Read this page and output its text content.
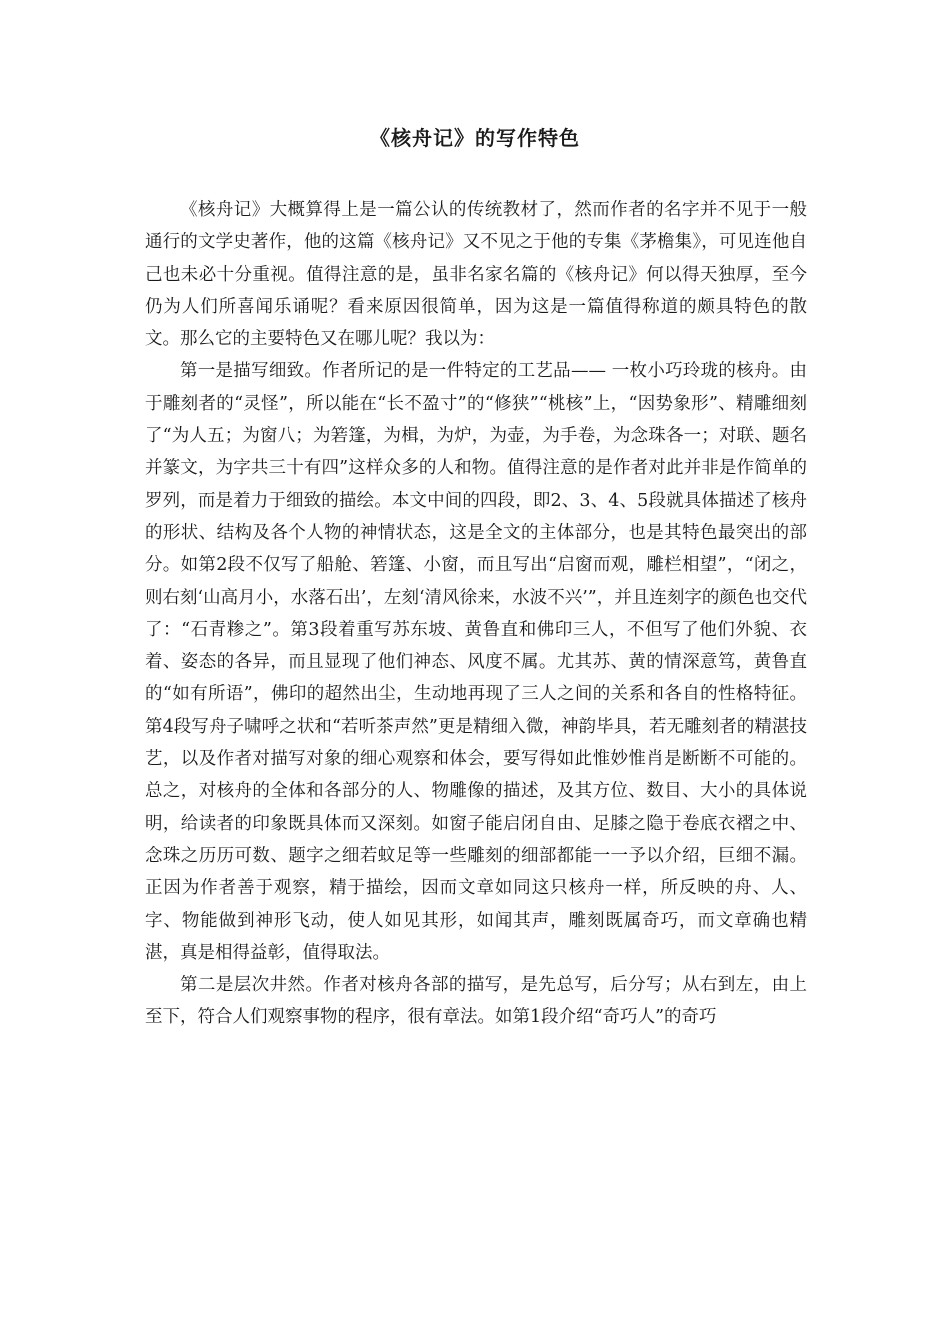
《核舟记》的写作特色

《核舟记》大概算得上是一篇公认的传统教材了，然而作者的名字并不见于一般通行的文学史著作，他的这篇《核舟记》又不见之于他的专集《茅檐集》，可见连他自己也未必十分重视。值得注意的是，虽非名家名篇的《核舟记》何以得天独厚，至今仍为人们所喜闻乐诵呢？看来原因很简单，因为这是一篇值得称道的颇具特色的散文。那么它的主要特色又在哪儿呢？我以为：

第一是描写细致。作者所记的是一件特定的工艺品—— 一枚小巧玲珑的核舟。由于雕刻者的“灵怪”，所以能在“长不盈寸”的“修狭”“桃核”上，“因势象形”、精雕细刻了“为人五；为窗八；为箬篷，为楫，为炉，为壶，为手卷，为念珠各一；对联、题名并篆文，为字共三十有四”这样众多的人和物。值得注意的是作者对此并非是作简单的罗列，而是着力于细致的描绘。本文中间的四段，即2、3、4、5段就具体描述了核舟的形状、结构及各个人物的神情状态，这是全文的主体部分，也是其特色最突出的部分。如第2段不仅写了船舱、箬篷、小窗，而且写出“启窗而观，雕栏相望”，“闭之，则右刻‘山高月小，水落石出’，左刻‘清风徐来，水波不兴’”，并且连刻字的颜色也交代了：“石青糁之”。第3段着重写苏东坡、黄鲁直和佛印三人，不但写了他们外貌、衣着、姿态的各异，而且显现了他们神态、风度不属。尤其苏、黄的情深意笃，黄鲁直的“如有所语”，佛印的超然出尘，生动地再现了三人之间的关系和各自的性格特征。第4段写舟子啸呼之状和“若听茶声然”更是精细入微，神韵毕具，若无雕刻者的精湛技艺，以及作者对描写对象的细心观察和体会，要写得如此惟妙惟肖是断断不可能的。总之，对核舟的全体和各部分的人、物雕像的描述，及其方位、数目、大小的具体说明，给读者的印象既具体而又深刻。如窗子能启闭自由、足膝之隐于卷底衣褶之中、念珠之历历可数、题字之细若蚊足等一些雕刻的细部都能一一予以介绍，巨细不漏。正因为作者善于观察，精于描绘，因而文章如同这只核舟一样，所反映的舟、人、字、物能做到神形飞动，使人如见其形，如闻其声，雕刻既属奇巧，而文章确也精湛，真是相得益彰，值得取法。

第二是层次井然。作者对核舟各部的描写，是先总写，后分写；从右到左，由上至下，符合人们观察事物的程序，很有章法。如第1段介绍“奇巧人”的奇巧
